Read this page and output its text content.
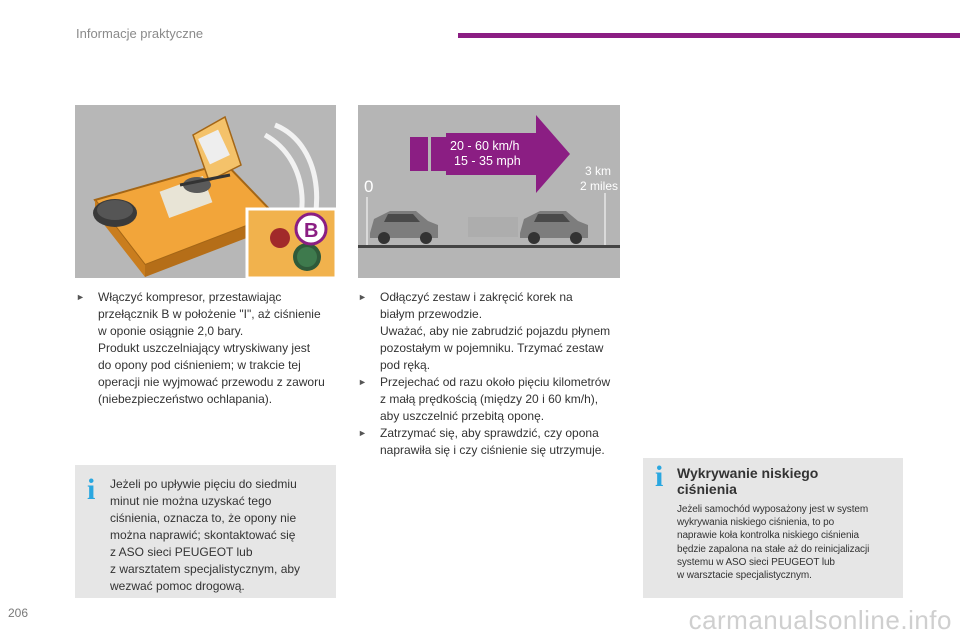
Informacje praktyczne
B
20 - 60 km/h
15 - 35 mph
0
3 km
2 miles
► Włączyć kompresor, przestawiając
przełącznik B w położenie "I", aż ciśnienie
w oponie osiągnie 2,0 bary.
Produkt uszczelniający wtryskiwany jest
do opony pod ciśnieniem; w trakcie tej
operacji nie wyjmować przewodu z zaworu
(niebezpieczeństwo ochlapania).
► Odłączyć zestaw i zakręcić korek na
białym przewodzie.
Uważać, aby nie zabrudzić pojazdu płynem
pozostałym w pojemniku. Trzymać zestaw
pod ręką.
► Przejechać od razu około pięciu kilometrów
z małą prędkością (między 20 i 60 km/h),
aby uszczelnić przebitą oponę.
► Zatrzymać się, aby sprawdzić, czy opona
naprawiła się i czy ciśnienie się utrzymuje.
i Jeżeli po upływie pięciu do siedmiu
minut nie można uzyskać tego
ciśnienia, oznacza to, że opony nie
można naprawić; skontaktować się
z ASO sieci PEUGEOT lub
z warsztatem specjalistycznym, aby
wezwać pomoc drogową.
i Wykrywanie niskiego
ciśnienia
Jeżeli samochód wyposażony jest w system
wykrywania niskiego ciśnienia, to po
naprawie koła kontrolka niskiego ciśnienia
będzie zapalona na stałe aż do reinicjalizacji
systemu w ASO sieci PEUGEOT lub
w warsztacie specjalistycznym.
206	carmanualsonline.info
